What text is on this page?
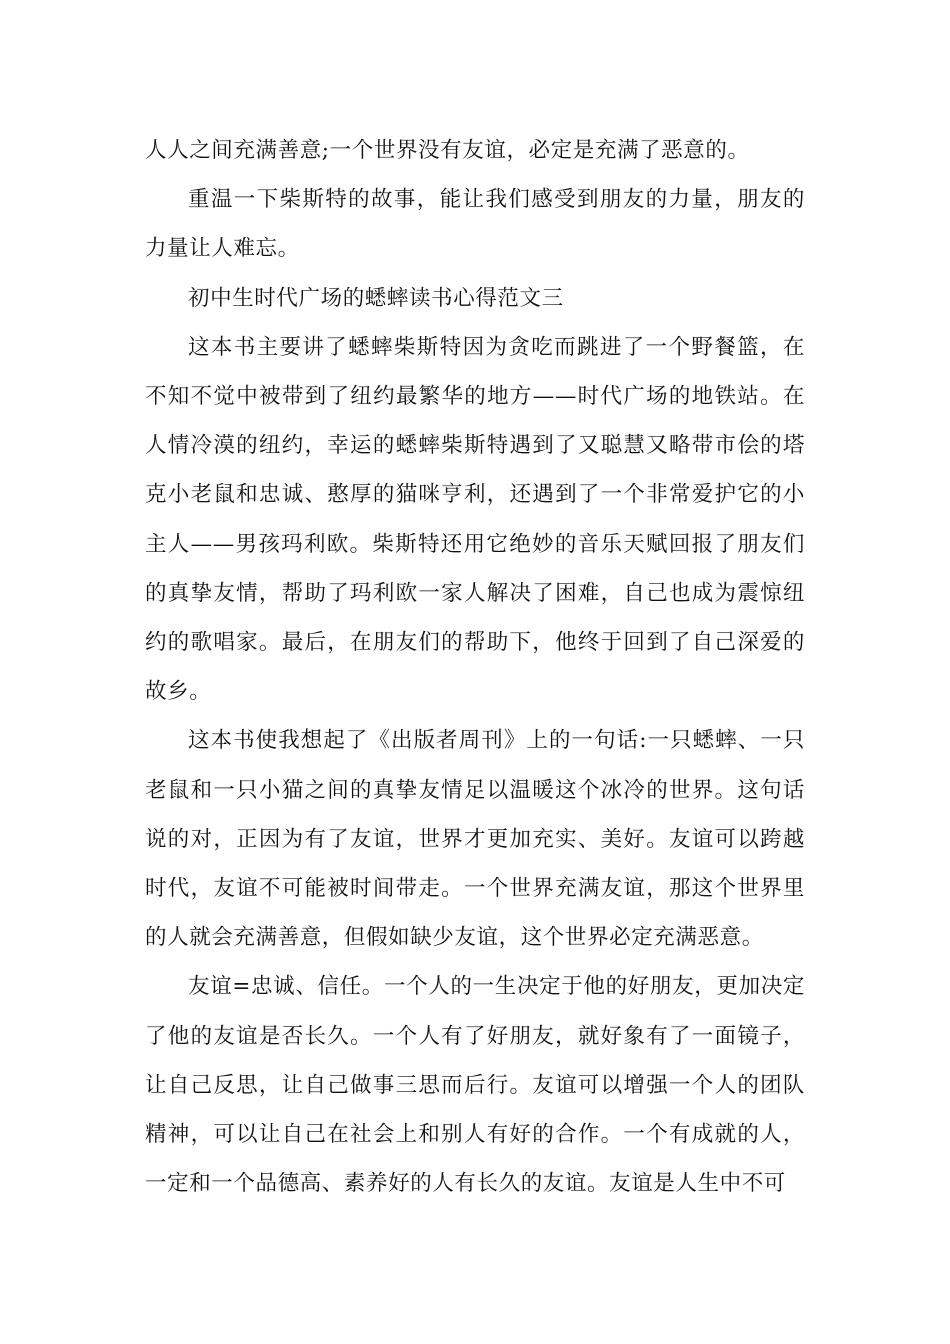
人人之间充满善意;一个世界没有友谊，必定是充满了恶意的。

重温一下柴斯特的故事，能让我们感受到朋友的力量，朋友的力量让人难忘。

初中生时代广场的蟋蟀读书心得范文三

这本书主要讲了蟋蟀柴斯特因为贪吃而跳进了一个野餐篮，在不知不觉中被带到了纽约最繁华的地方——时代广场的地铁站。在人情冷漠的纽约，幸运的蟋蟀柴斯特遇到了又聪慧又略带市侩的塔克小老鼠和忠诚、憨厚的猫咪亨利，还遇到了一个非常爱护它的小主人——男孩玛利欧。柴斯特还用它绝妙的音乐天赋回报了朋友们的真挚友情，帮助了玛利欧一家人解决了困难，自己也成为震惊纽约的歌唱家。最后，在朋友们的帮助下，他终于回到了自己深爱的故乡。

这本书使我想起了《出版者周刊》上的一句话:一只蟋蟀、一只老鼠和一只小猫之间的真挚友情足以温暖这个冰冷的世界。这句话说的对，正因为有了友谊，世界才更加充实、美好。友谊可以跨越时代，友谊不可能被时间带走。一个世界充满友谊，那这个世界里的人就会充满善意，但假如缺少友谊，这个世界必定充满恶意。

友谊=忠诚、信任。一个人的一生决定于他的好朋友，更加决定了他的友谊是否长久。一个人有了好朋友，就好象有了一面镜子，让自己反思，让自己做事三思而后行。友谊可以增强一个人的团队精神，可以让自己在社会上和别人有好的合作。一个有成就的人，一定和一个品德高、素养好的人有长久的友谊。友谊是人生中不可
